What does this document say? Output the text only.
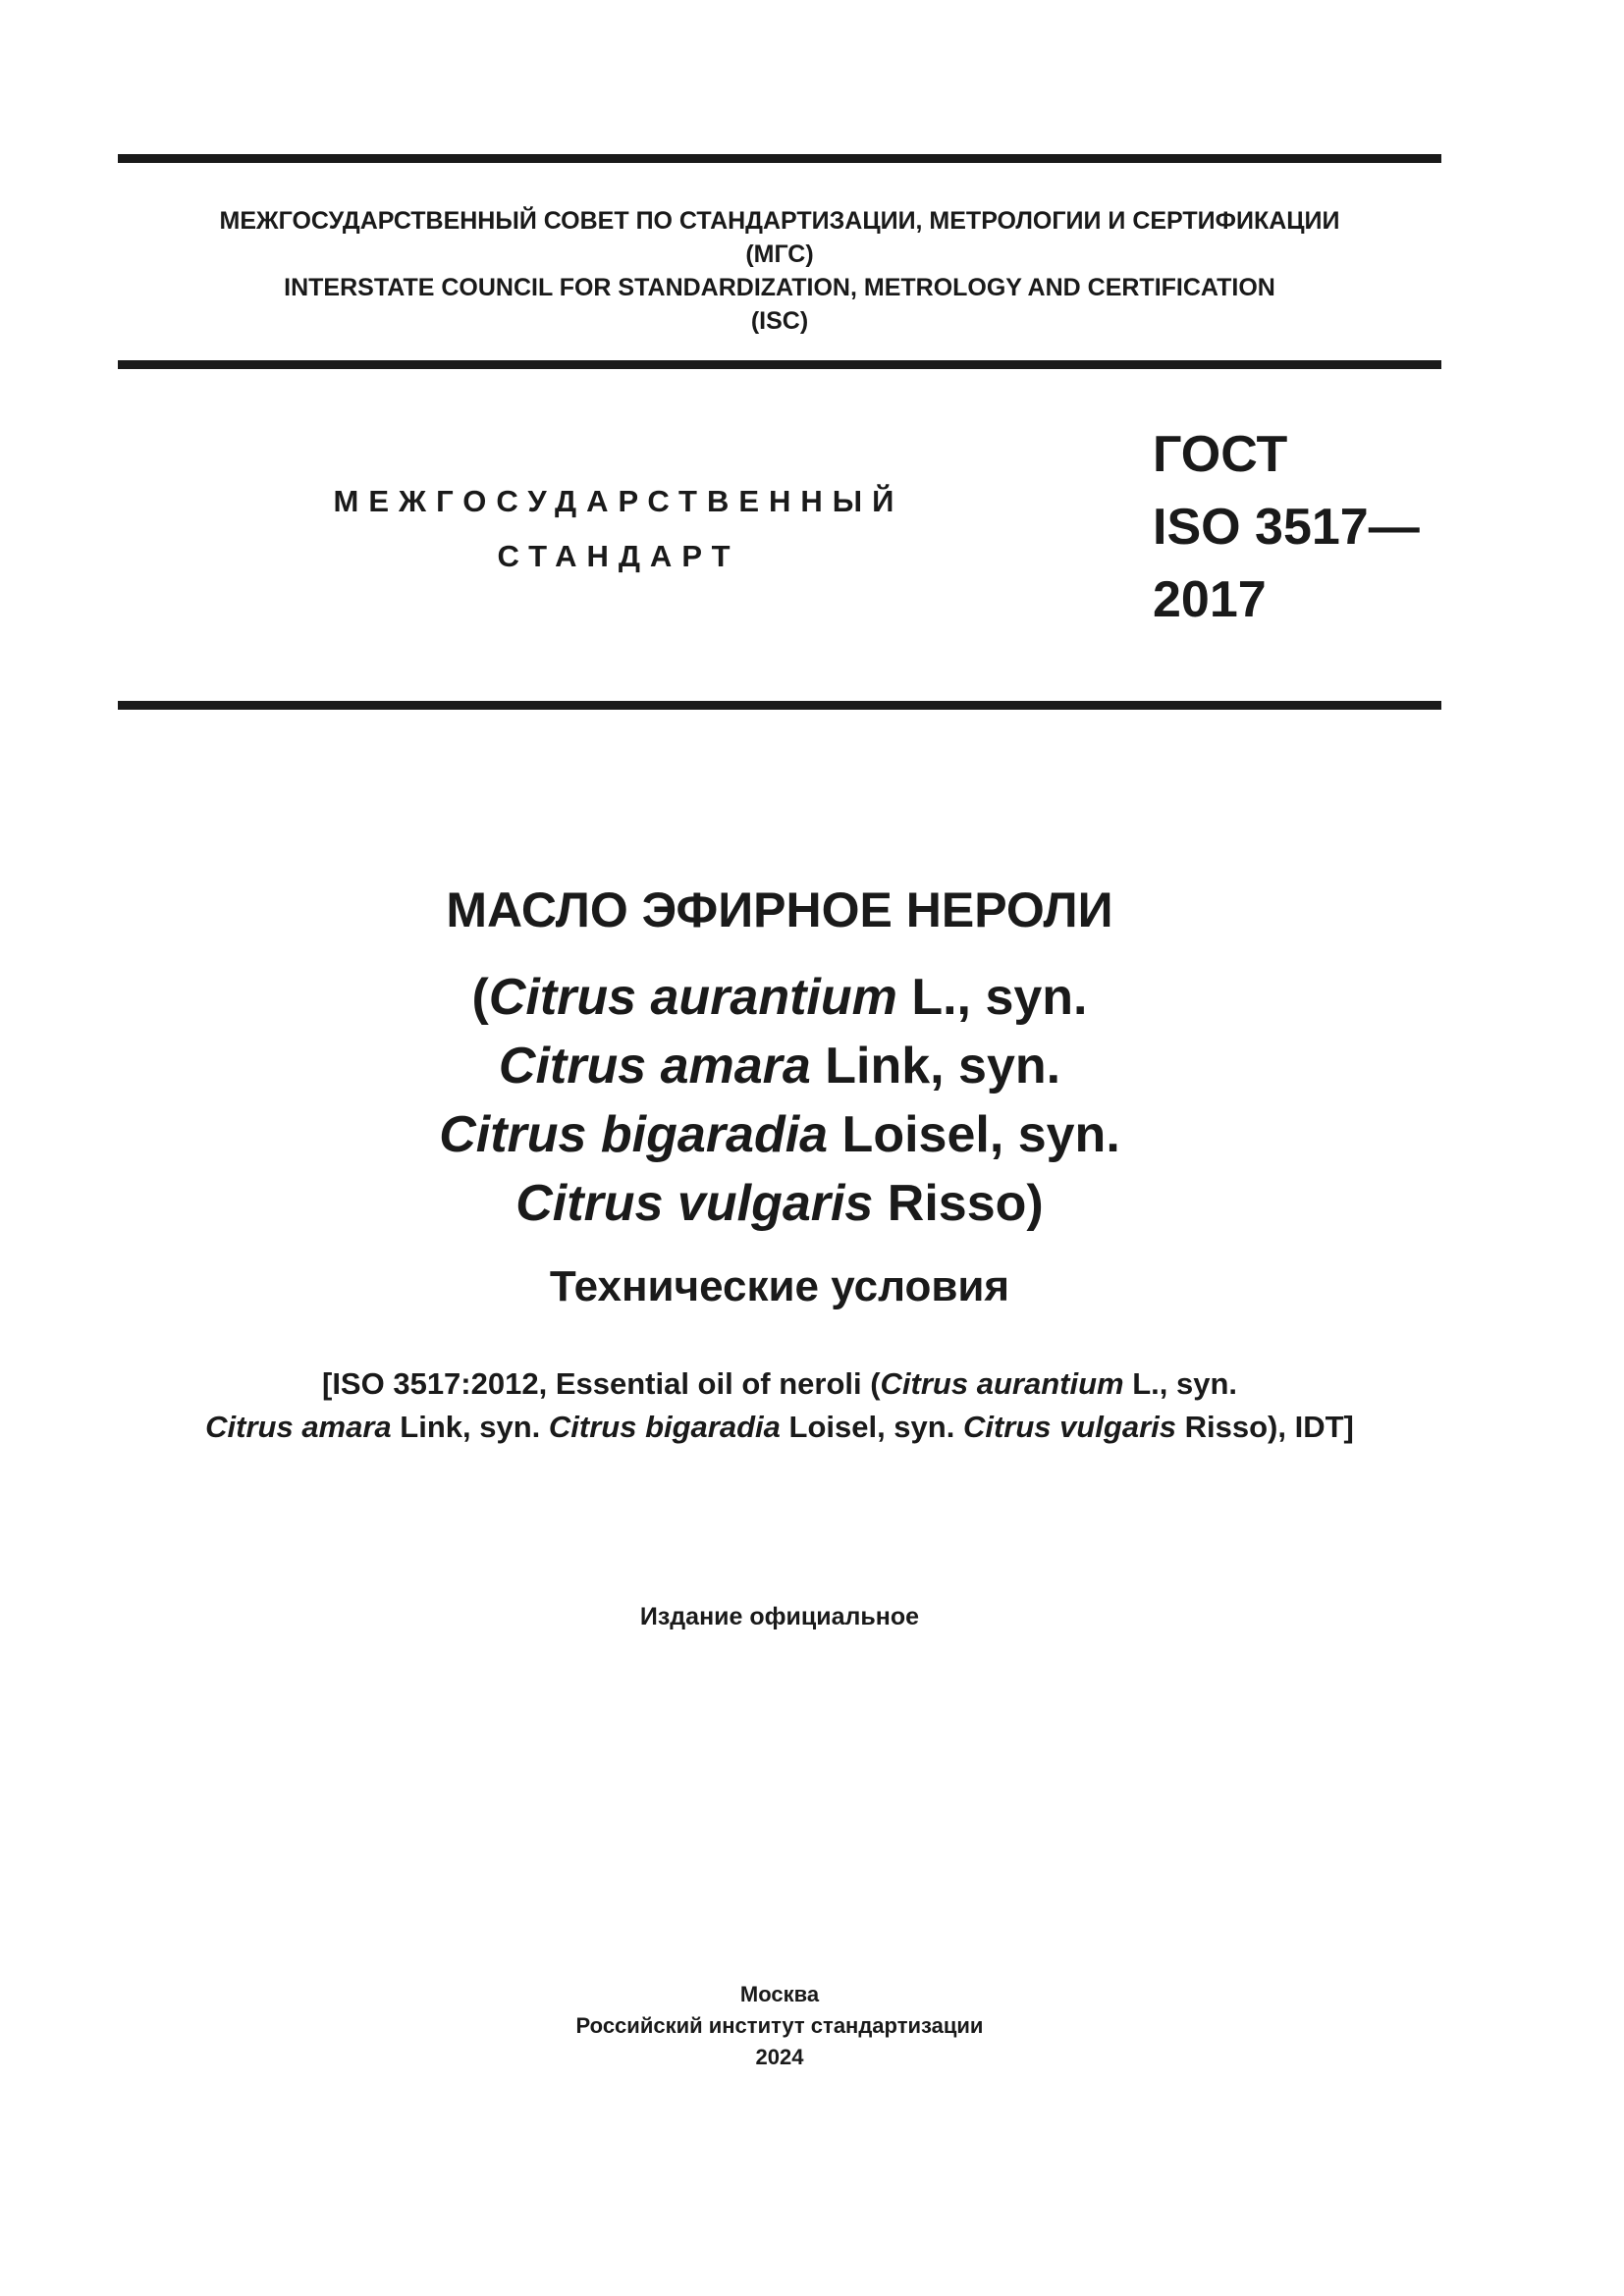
МЕЖГОСУДАРСТВЕННЫЙ СОВЕТ ПО СТАНДАРТИЗАЦИИ, МЕТРОЛОГИИ И СЕРТИФИКАЦИИ
(МГС)
INTERSTATE COUNCIL FOR STANDARDIZATION, METROLOGY AND CERTIFICATION
(ISC)
МЕЖГОСУДАРСТВЕННЫЙ
СТАНДАРТ
ГОСТ
ISO 3517—
2017
МАСЛО ЭФИРНОЕ НЕРОЛИ
(Citrus aurantium L., syn.
Citrus amara Link, syn.
Citrus bigaradia Loisel, syn.
Citrus vulgaris Risso)
Технические условия
[ISO 3517:2012, Essential oil of neroli (Citrus aurantium L., syn.
Citrus amara Link, syn. Citrus bigaradia Loisel, syn. Citrus vulgaris Risso), IDT]
Издание официальное
Москва
Российский институт стандартизации
2024
